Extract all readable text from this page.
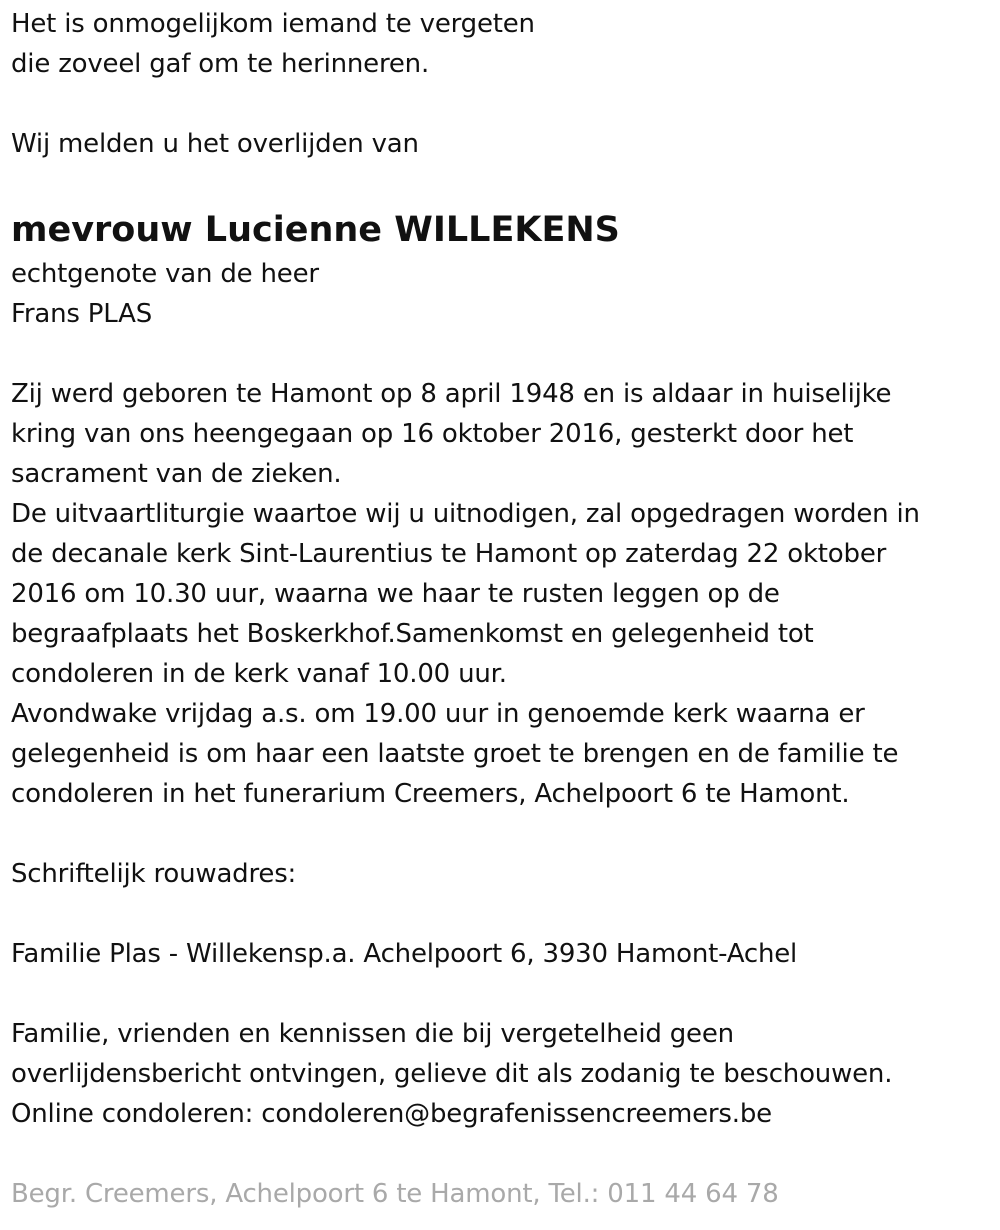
Het is onmogelijkom iemand te vergeten
die zoveel gaf om te herinneren.
Wij melden u het overlijden van
mevrouw Lucienne WILLEKENS
echtgenote van de heer
Frans PLAS
Zij werd geboren te Hamont op 8 april 1948 en is aldaar in huiselijke
kring van ons heengegaan op 16 oktober 2016, gesterkt door het
sacrament van de zieken.
De uitvaartliturgie waartoe wij u uitnodigen, zal opgedragen worden in
de decanale kerk Sint-Laurentius te Hamont op zaterdag 22 oktober
2016 om 10.30 uur, waarna we haar te rusten leggen op de
begraafplaats het Boskerkhof.Samenkomst en gelegenheid tot
condoleren in de kerk vanaf 10.00 uur.
Avondwake vrijdag a.s. om 19.00 uur in genoemde kerk waarna er
gelegenheid is om haar een laatste groet te brengen en de familie te
condoleren in het funerarium Creemers, Achelpoort 6 te Hamont.
Schriftelijk rouwadres:
Familie Plas - Willekensp.a. Achelpoort 6, 3930 Hamont-Achel
Familie, vrienden en kennissen die bij vergetelheid geen
overlijdensbericht ontvingen, gelieve dit als zodanig te beschouwen.
Online condoleren: condoleren@begrafenissencreemers.be
Begr. Creemers, Achelpoort 6 te Hamont, Tel.: 011 44 64 78
